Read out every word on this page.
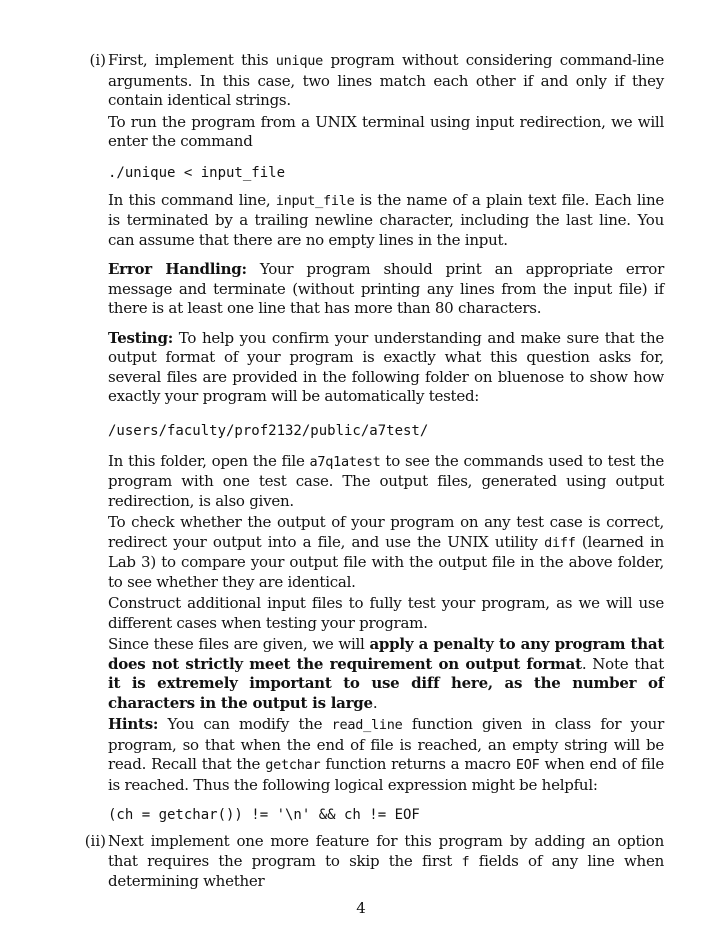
(i) First, implement this unique program without considering command-line arguments. In this case, two lines match each other if and only if they contain identical strings.

To run the program from a UNIX terminal using input redirection, we will enter the command

./unique < input_file

In this command line, input_file is the name of a plain text file. Each line is terminated by a trailing newline character, including the last line. You can assume that there are no empty lines in the input.

Error Handling: Your program should print an appropriate error message and terminate (without printing any lines from the input file) if there is at least one line that has more than 80 characters.

Testing: To help you confirm your understanding and make sure that the output format of your program is exactly what this question asks for, several files are provided in the following folder on bluenose to show how exactly your program will be automatically tested:

/users/faculty/prof2132/public/a7test/

In this folder, open the file a7q1atest to see the commands used to test the program with one test case. The output files, generated using output redirection, is also given.

To check whether the output of your program on any test case is correct, redirect your output into a file, and use the UNIX utility diff (learned in Lab 3) to compare your output file with the output file in the above folder, to see whether they are identical.

Construct additional input files to fully test your program, as we will use different cases when testing your program.

Since these files are given, we will apply a penalty to any program that does not strictly meet the requirement on output format. Note that it is extremely important to use diff here, as the number of characters in the output is large.

Hints: You can modify the read_line function given in class for your program, so that when the end of file is reached, an empty string will be read. Recall that the getchar function returns a macro EOF when end of file is reached. Thus the following logical expression might be helpful:

(ch = getchar()) != '\n' && ch != EOF
(ii) Next implement one more feature for this program by adding an option that requires the program to skip the first f fields of any line when determining whether

4
